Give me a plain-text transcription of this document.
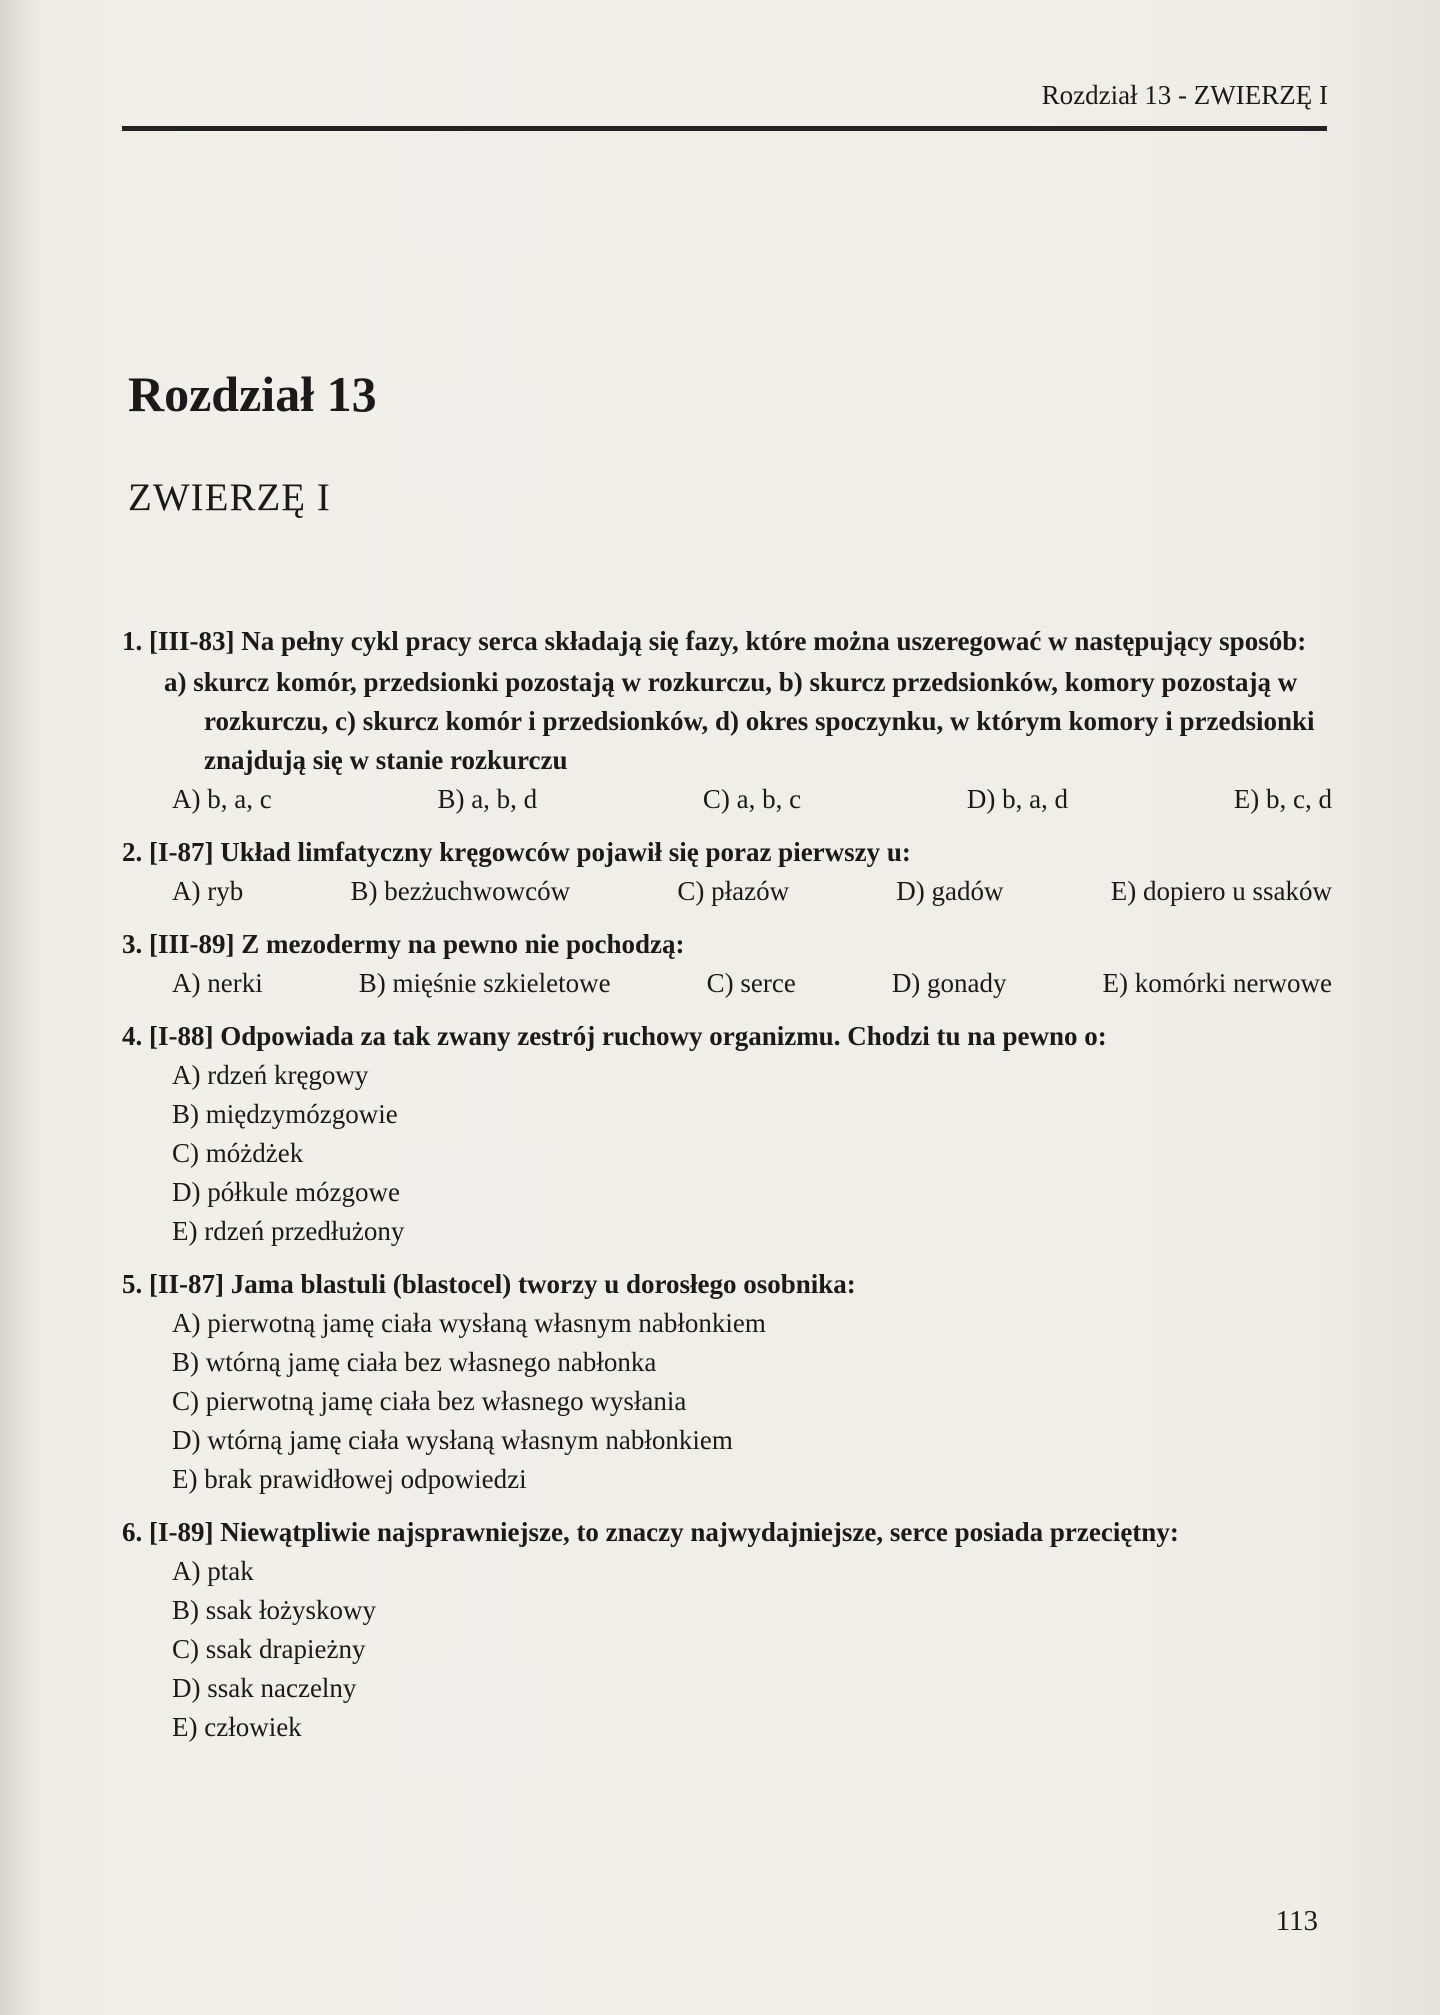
Rozdział 13 - ZWIERZĘ I
Rozdział 13
ZWIERZĘ I
1. [III-83] Na pełny cykl pracy serca składają się fazy, które można uszeregować w następujący sposób:
a) skurcz komór, przedsionki pozostają w rozkurczu, b) skurcz przedsionków, komory pozostają w rozkurczu, c) skurcz komór i przedsionków, d) okres spoczynku, w którym komory i przedsionki znajdują się w stanie rozkurczu
A) b, a, c	B) a, b, d	C) a, b, c	D) b, a, d	E) b, c, d
2. [I-87] Układ limfatyczny kręgowców pojawił się poraz pierwszy u:
A) ryb	B) bezżuchwowców	C) płazów	D) gadów	E) dopiero u ssaków
3. [III-89] Z mezodermy na pewno nie pochodzą:
A) nerki	B) mięśnie szkieletowe	C) serce	D) gonady	E) komórki nerwowe
4. [I-88] Odpowiada za tak zwany zestrój ruchowy organizmu. Chodzi tu na pewno o:
A) rdzeń kręgowy
B) międzymózgowie
C) móżdżek
D) półkule mózgowe
E) rdzeń przedłużony
5. [II-87] Jama blastuli (blastocel) tworzy u dorosłego osobnika:
A) pierwotną jamę ciała wysłaną własnym nabłonkiem
B) wtórną jamę ciała bez własnego nabłonka
C) pierwotną jamę ciała bez własnego wysłania
D) wtórną jamę ciała wysłaną własnym nabłonkiem
E) brak prawidłowej odpowiedzi
6. [I-89] Niewątpliwie najsprawniejsze, to znaczy najwydajniejsze, serce posiada przeciętny:
A) ptak
B) ssak łożyskowy
C) ssak drapieżny
D) ssak naczelny
E) człowiek
113
